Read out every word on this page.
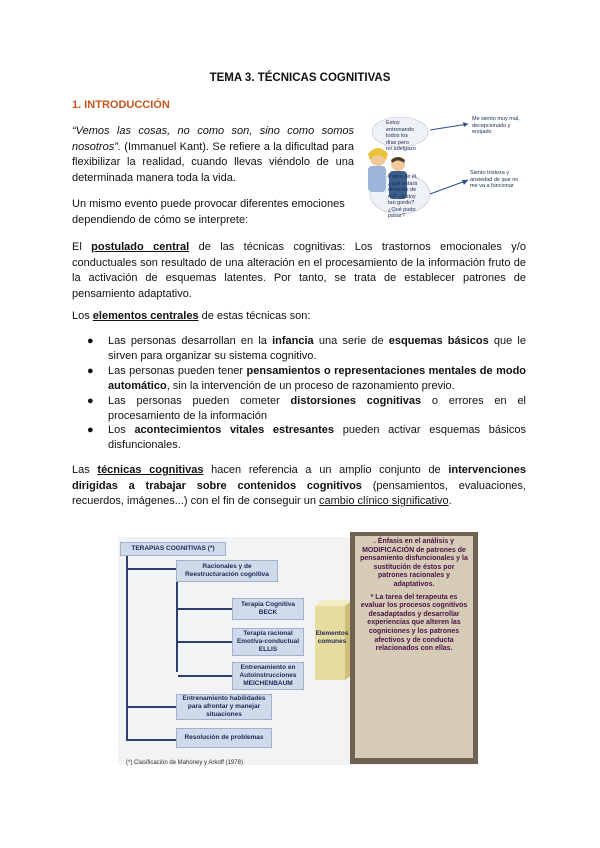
TEMA 3. TÉCNICAS COGNITIVAS
1. INTRODUCCIÓN
“Vemos las cosas, no como son, sino como somos nosotros”. (Immanuel Kant). Se refiere a la dificultad para flexibilizar la realidad, cuando llevas viéndolo de una determinada manera toda la vida.
Un mismo evento puede provocar diferentes emociones dependiendo de cómo se interprete:
Estoy entrenando todos los días pero no adelgazo
Me siento muy mal, decepcionado y enojado
Pobre de él, ¿qué estará diciendo de mí? ¿Estoy tan gordo? ¿Qué pudo pasar?
Siento tristeza y ansiedad de que no me va a funcionar
El postulado central de las técnicas cognitivas: Los trastornos emocionales y/o conductuales son resultado de una alteración en el procesamiento de la información fruto de la activación de esquemas latentes. Por tanto, se trata de establecer patrones de pensamiento adaptativo.
Los elementos centrales de estas técnicas son:
●	Las personas desarrollan en la infancia una serie de esquemas básicos que le sirven para organizar su sistema cognitivo.
●	Las personas pueden tener pensamientos o representaciones mentales de modo automático, sin la intervención de un proceso de razonamiento previo.
●	Las personas pueden cometer distorsiones cognitivas o errores en el procesamiento de la información
●	Los acontecimientos vitales estresantes pueden activar esquemas básicos disfuncionales.
Las técnicas cognitivas hacen referencia a un amplio conjunto de intervenciones dirigidas a trabajar sobre contenidos cognitivos (pensamientos, evaluaciones, recuerdos, imágenes...) con el fin de conseguir un cambio clínico significativo.
TERAPIAS COGNITIVAS (*)
Racionales y de Reestructuración cognitiva
Terapia Cognitiva BECK
Terapia racional Emotiva-conductual ELLIS
Entrenamiento en Autoinstrucciones MEICHENBAUM
Entrenamiento habilidades para afrontar y manejar situaciones
Resolución de problemas
Elementos comunes
. Énfasis en el análisis y MODIFICACIÓN de patrones de pensamiento disfuncionales y la sustitución de éstos por patrones racionales y adaptativos.
* La tarea del terapeuta es evaluar los procesos cognitivos desadaptados y desarrollar experiencias que alteren las cogniciones y los patrones afectivos y de conducta relacionados con ellas.
(*) Clasificación de Mahoney y Arkoff (1978)
